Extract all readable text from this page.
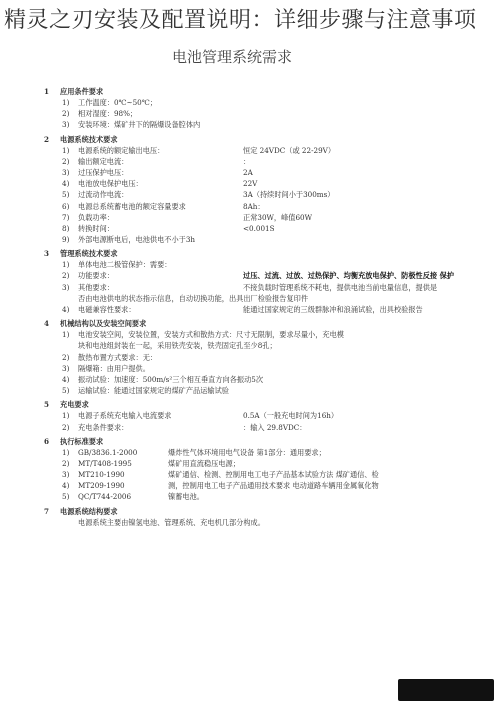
精灵之刃安装及配置说明：详细步骤与注意事项
电池管理系统需求
1 应用条件要求
1)	工作温度：0℃~50℃；
2)	相对湿度：98%；
3)	安装环境：煤矿井下的隔爆设备腔体内
2 电源系统技术要求
1)	电源系统的额定输出电压：	恒定 24VDC（或 22-29V）
2)	输出额定电流：	：
3)	过压保护电压：	2A
4)	电池放电保护电压：	22V
5)	过流动作电流：	3A（持续时间小于300ms）
6)	电源总系统蓄电池的额定容量要求	8Ah：
7)	负载功率：	正常30W，峰值60W
8)	转换时间：	<0.001S
9)	外部电源断电后，电池供电不小于3h
3 管理系统技术要求
1)	单体电池二极管保护：需要：
2)	功能要求：	过压、过流、过放、过热保护、均衡充放电保护、防极性反接 保护
3)	其他要求：	不接负载时管理系统不耗电，提供电池当前电量信息，提供是
否由电池供电的状态指示信息，自动切换功能，出具出厂检验报告复印件
4)	电磁兼容性要求：	能通过国家规定的三级群脉冲和浪涌试验，出具校验报告
4 机械结构以及安装空间要求
1)	电池安装空间，安装位置，安装方式和散热方式：尺寸无限制，要求尽量小，充电模
块和电池组封装在一起，采用铁壳安装，铁壳固定孔至少8孔；
2)	散热布置方式要求：无：
3)	隔爆箱：由用户提供。
4)	振动试验：加速度：500m/s²三个相互垂直方向各振动5次
5)	运输试验：能通过国家规定的煤矿产品运输试验
5 充电要求
1)	电源子系统充电输入电流要求	0.5A（一般充电时间为16h）
2)	充电条件要求：	：输入 29.8VDC：
6 执行标准要求
1)	GB/3836.1-2000	爆炸性气体环境用电气设备 第1部分：通用要求；
2)	MT/T408-1995	煤矿用直流稳压电源；
3)	MT210-1990	煤矿通信、检测、控制用电工电子产品基本试验方法 煤矿通信、检
4)	MT209-1990	测，控制用电工电子产品通用技术要求 电动道路车辆用金属氧化物
5)	QC/T744-2006	镍蓄电池。
7 电源系统结构要求
电源系统主要由镍氢电池、管理系统、充电机几部分构成。
